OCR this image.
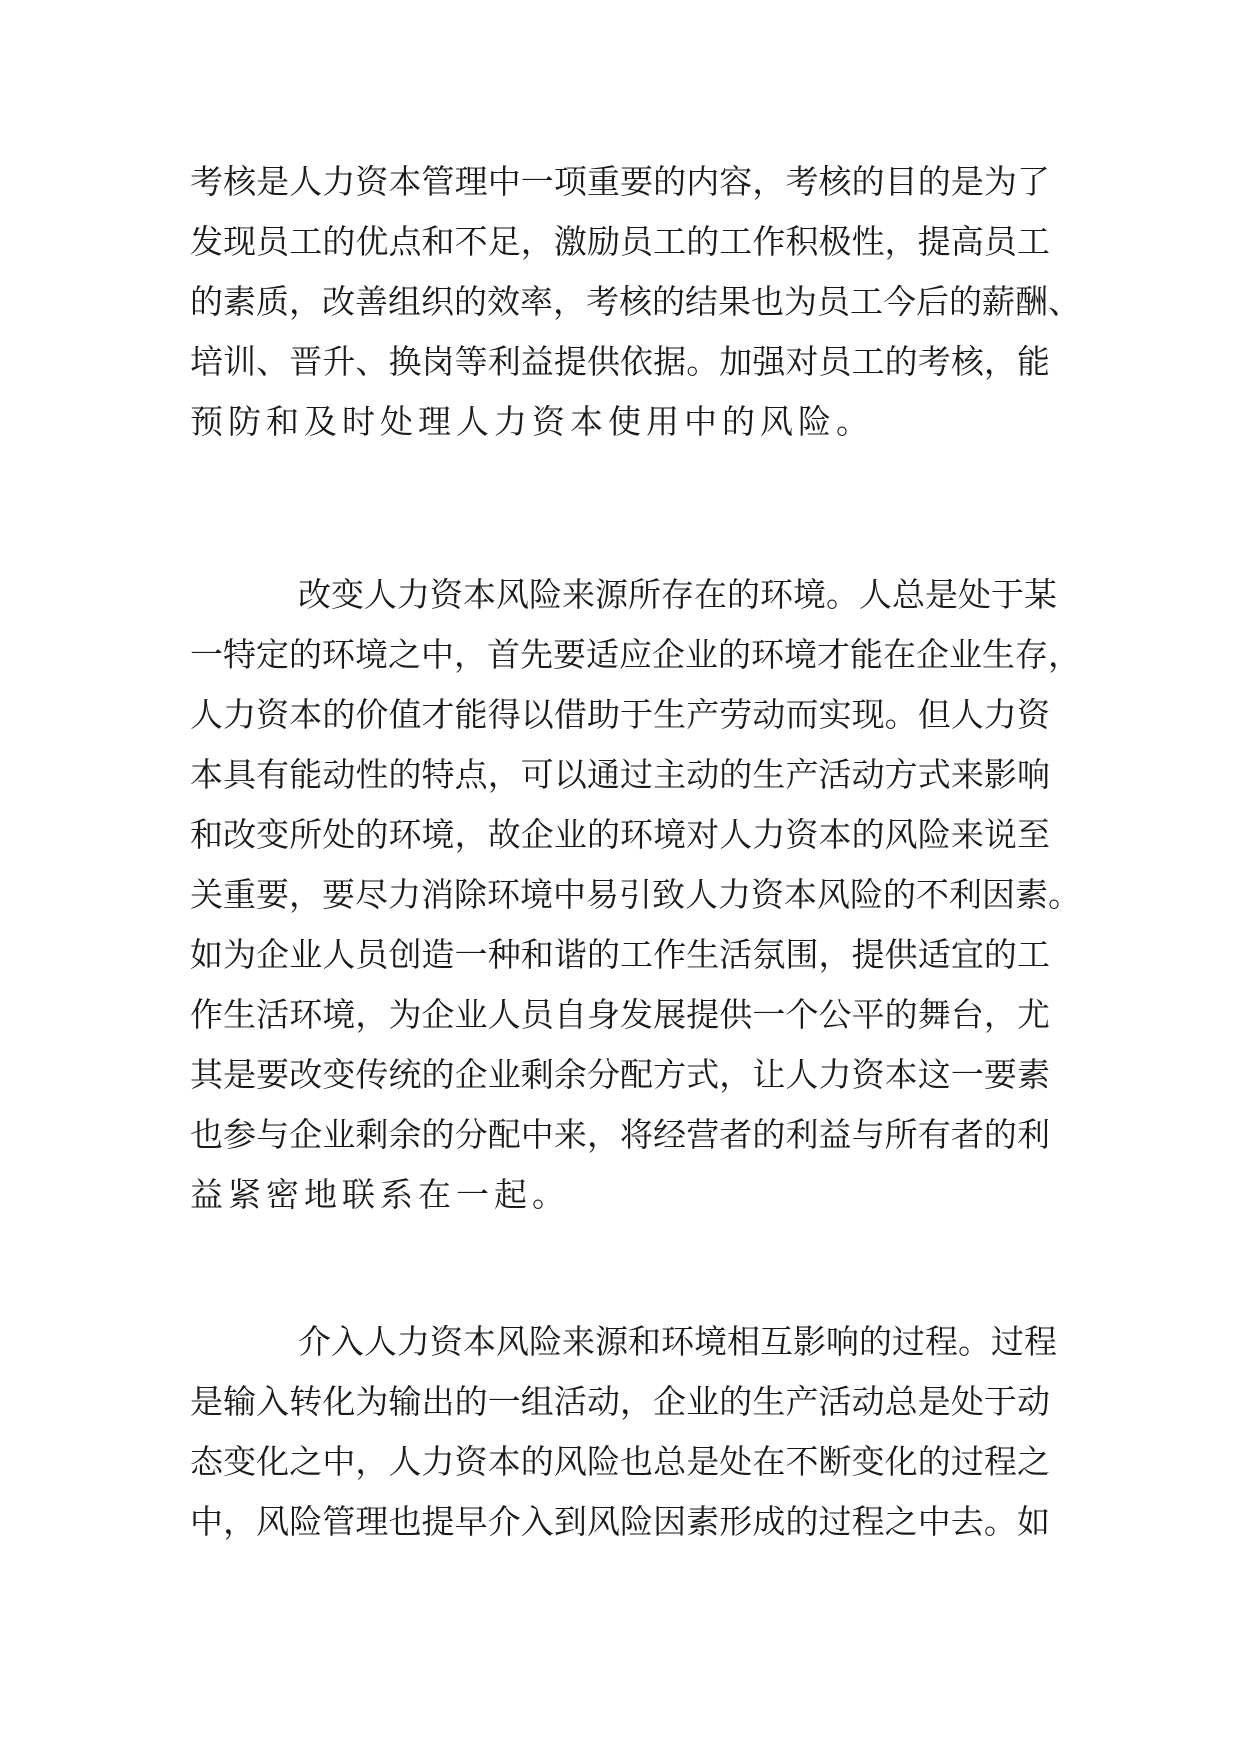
考核是人力资本管理中一项重要的内容，考核的目的是为了
发现员工的优点和不足，激励员工的工作积极性，提高员工
的素质，改善组织的效率，考核的结果也为员工今后的薪酬、
培训、晋升、换岗等利益提供依据。加强对员工的考核，能
预防和及时处理人力资本使用中的风险。
改变人力资本风险来源所存在的环境。人总是处于某
一特定的环境之中，首先要适应企业的环境才能在企业生存，
人力资本的价值才能得以借助于生产劳动而实现。但人力资
本具有能动性的特点，可以通过主动的生产活动方式来影响
和改变所处的环境，故企业的环境对人力资本的风险来说至
关重要，要尽力消除环境中易引致人力资本风险的不利因素。
如为企业人员创造一种和谐的工作生活氛围，提供适宜的工
作生活环境，为企业人员自身发展提供一个公平的舞台，尤
其是要改变传统的企业剩余分配方式，让人力资本这一要素
也参与企业剩余的分配中来，将经营者的利益与所有者的利
益紧密地联系在一起。
介入人力资本风险来源和环境相互影响的过程。过程
是输入转化为输出的一组活动，企业的生产活动总是处于动
态变化之中，人力资本的风险也总是处在不断变化的过程之
中，风险管理也提早介入到风险因素形成的过程之中去。如
